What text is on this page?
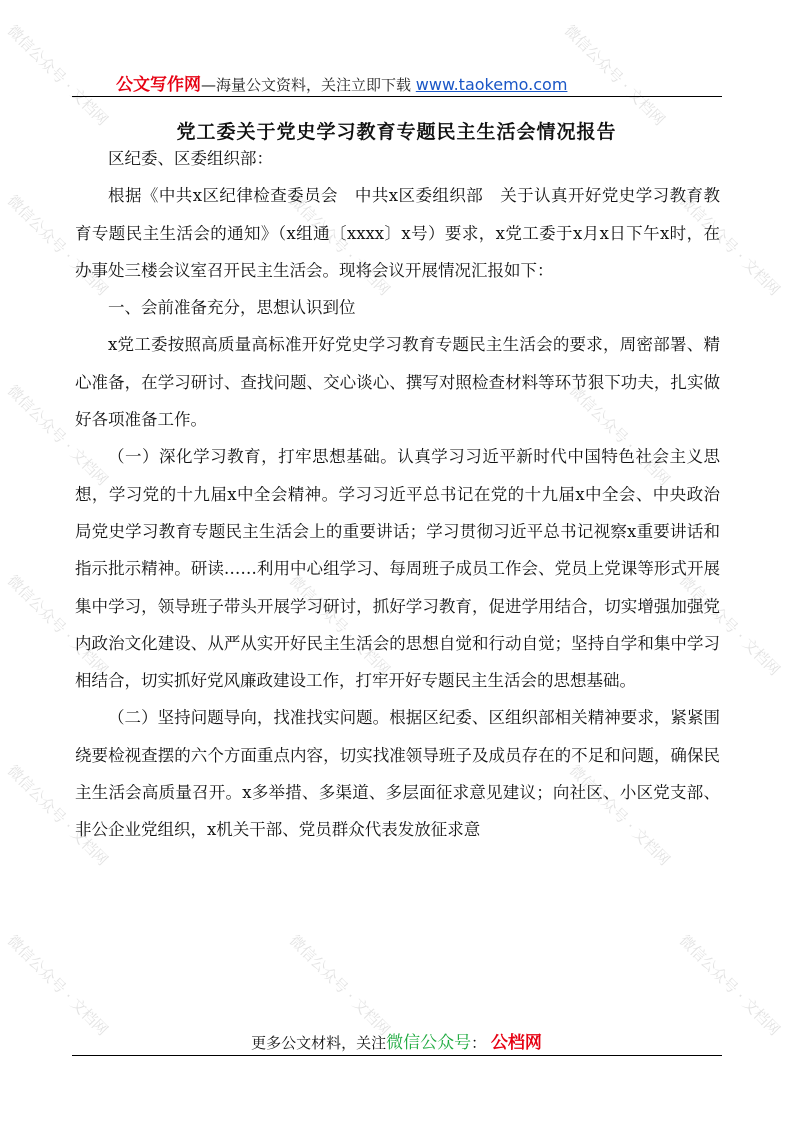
微信公众号 · 文档网	微信公众号 · 文档网
微信公众号 · 文档网	微信公众号 · 文档网	微信公众号 · 文档网
微信公众号 · 文档网	微信公众号 · 文档网
微信公众号 · 文档网	微信公众号 · 文档网	微信公众号 · 文档网
微信公众号 · 文档网	微信公众号 · 文档网
微信公众号 · 文档网	微信公众号 · 文档网	微信公众号 · 文档网
公文写作网—海量公文资料，关注立即下载 www.taokemo.com
党工委关于党史学习教育专题民主生活会情况报告

区纪委、区委组织部：

根据《中共x区纪律检查委员会　中共x区委组织部　关于认真开好党史学习教育教育专题民主生活会的通知》（x组通〔xxxx〕x号）要求，x党工委于x月x日下午x时，在办事处三楼会议室召开民主生活会。现将会议开展情况汇报如下：

一、会前准备充分，思想认识到位

x党工委按照高质量高标准开好党史学习教育专题民主生活会的要求，周密部署、精心准备，在学习研讨、查找问题、交心谈心、撰写对照检查材料等环节狠下功夫，扎实做好各项准备工作。

（一）深化学习教育，打牢思想基础。认真学习习近平新时代中国特色社会主义思想，学习党的十九届x中全会精神。学习习近平总书记在党的十九届x中全会、中央政治局党史学习教育专题民主生活会上的重要讲话；学习贯彻习近平总书记视察x重要讲话和指示批示精神。研读……利用中心组学习、每周班子成员工作会、党员上党课等形式开展集中学习，领导班子带头开展学习研讨，抓好学习教育，促进学用结合，切实增强加强党内政治文化建设、从严从实开好民主生活会的思想自觉和行动自觉；坚持自学和集中学习相结合，切实抓好党风廉政建设工作，打牢开好专题民主生活会的思想基础。

（二）坚持问题导向，找准找实问题。根据区纪委、区组织部相关精神要求，紧紧围绕要检视查摆的六个方面重点内容，切实找准领导班子及成员存在的不足和问题，确保民主生活会高质量召开。x多举措、多渠道、多层面征求意见建议；向社区、小区党支部、非公企业党组织，x机关干部、党员群众代表发放征求意

更多公文材料，关注微信公众号： 公档网
